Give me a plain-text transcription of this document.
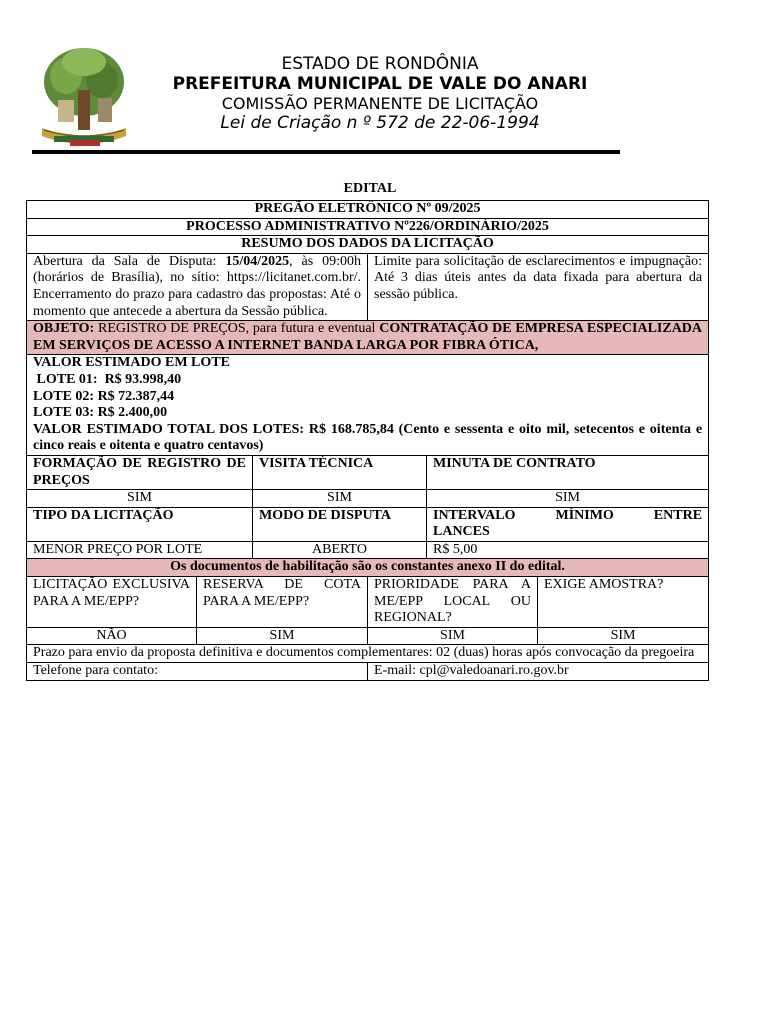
ESTADO DE RONDÔNIA
PREFEITURA MUNICIPAL DE VALE DO ANARI
COMISSÃO PERMANENTE DE LICITAÇÃO
Lei de Criação n º 572 de 22-06-1994
EDITAL
PREGÃO ELETRÔNICO Nº 09/2025					
PROCESSO ADMINISTRATIVO Nº226/ORDINÁRIO/2025					
RESUMO DOS DADOS DA LICITAÇÃO					
Abertura da Sala de Disputa: 15/04/2025, às 09:00h (horários de Brasília), no sítio: https://licitanet.com.br/. Encerramento do prazo para cadastro das propostas: Até o momento que antecede a abertura da Sessão pública.			Limite para solicitação de esclarecimentos e impugnação: Até 3 dias úteis antes da data fixada para abertura da sessão pública.		
OBJETO: REGISTRO DE PREÇOS, para futura e eventual CONTRATAÇÃO DE EMPRESA ESPECIALIZADA EM SERVIÇOS DE ACESSO A INTERNET BANDA LARGA POR FIBRA ÓTICA,					

VALOR ESTIMADO EM LOTE
LOTE 01:  R$ 93.998,40
LOTE 02: R$ 72.387,44
LOTE 03: R$ 2.400,00
VALOR ESTIMADO TOTAL DOS LOTES: R$ 168.785,84 (Cento e sessenta e oito mil, setecentos e oitenta e cinco reais e oitenta e quatro centavos)					

FORMAÇÃO DE REGISTRO DE PREÇOS		VISITA TÉCNICA		MINUTA DE CONTRATO	
SIM		SIM		SIM	
TIPO DA LICITAÇÃO		MODO DE DISPUTA		INTERVALO MÍNIMO ENTRE
LANCES	

MENOR PREÇO POR LOTE		ABERTO		R$ 5,00	
Os documentos de habilitação são os constantes anexo II do edital.					
LICITAÇÃO EXCLUSIVA PARA A ME/EPP?	RESERVA DE COTA PARA A ME/EPP?		PRIORIDADE PARA A ME/EPP LOCAL OU REGIONAL?		EXIGE AMOSTRA?
NÃO	SIM		SIM		SIM
Prazo para envio da proposta definitiva e documentos complementares: 02 (duas) horas após convocação da pregoeira					
Telefone para contato:			E-mail: cpl@valedoanari.ro.gov.br		
